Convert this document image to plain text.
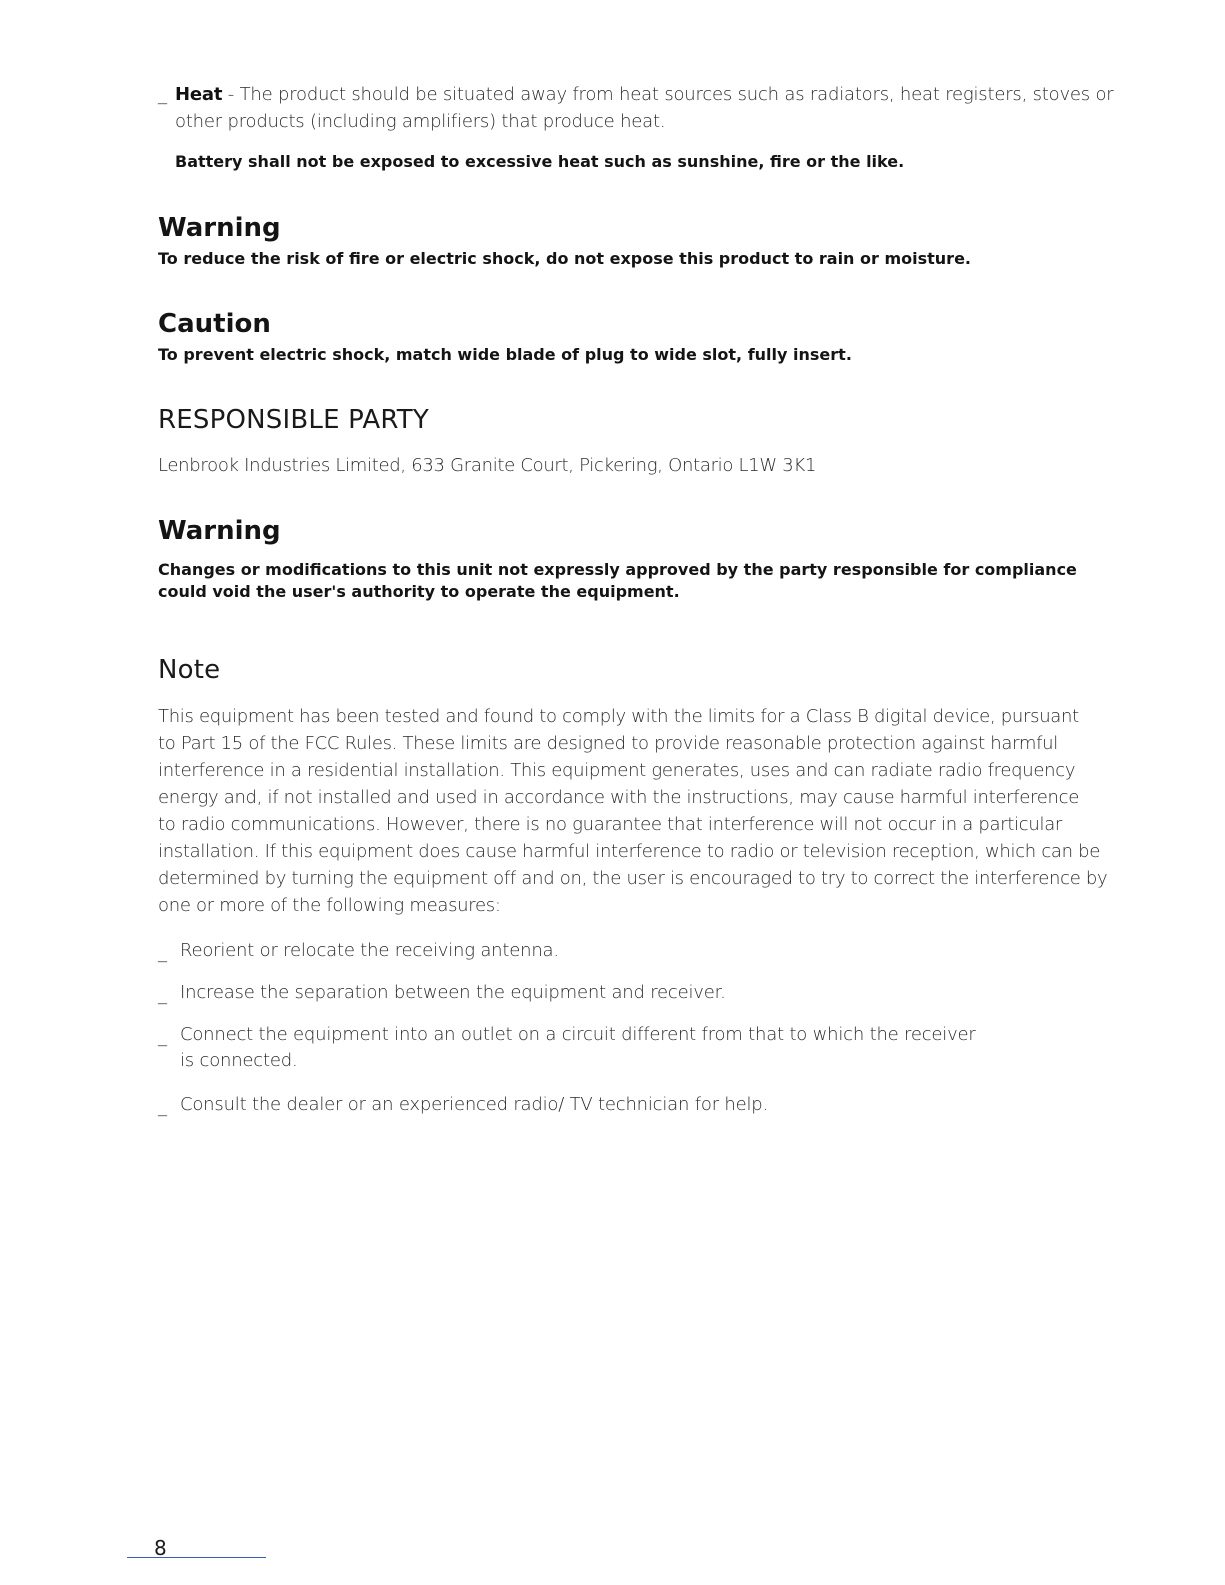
_ Heat - The product should be situated away from heat sources such as radiators, heat registers, stoves or
other products (including amplifiers) that produce heat.
Battery shall not be exposed to excessive heat such as sunshine, fire or the like.
Warning
To reduce the risk of fire or electric shock, do not expose this product to rain or moisture.
Caution
To prevent electric shock, match wide blade of plug to wide slot, fully insert.
RESPONSIBLE PARTY
Lenbrook Industries Limited, 633 Granite Court, Pickering, Ontario L1W 3K1
Warning
Changes or modifications to this unit not expressly approved by the party responsible for compliance
could void the user's authority to operate the equipment.
Note
This equipment has been tested and found to comply with the limits for a Class B digital device, pursuant
to Part 15 of the FCC Rules. These limits are designed to provide reasonable protection against harmful
interference in a residential installation. This equipment generates, uses and can radiate radio frequency
energy and, if not installed and used in accordance with the instructions, may cause harmful interference
to radio communications. However, there is no guarantee that interference will not occur in a particular
installation. If this equipment does cause harmful interference to radio or television reception, which can be
determined by turning the equipment off and on, the user is encouraged to try to correct the interference by
one or more of the following measures:
_ Reorient or relocate the receiving antenna.
_ Increase the separation between the equipment and receiver.
_ Connect the equipment into an outlet on a circuit different from that to which the receiver
is connected.
_ Consult the dealer or an experienced radio/ TV technician for help.
8
